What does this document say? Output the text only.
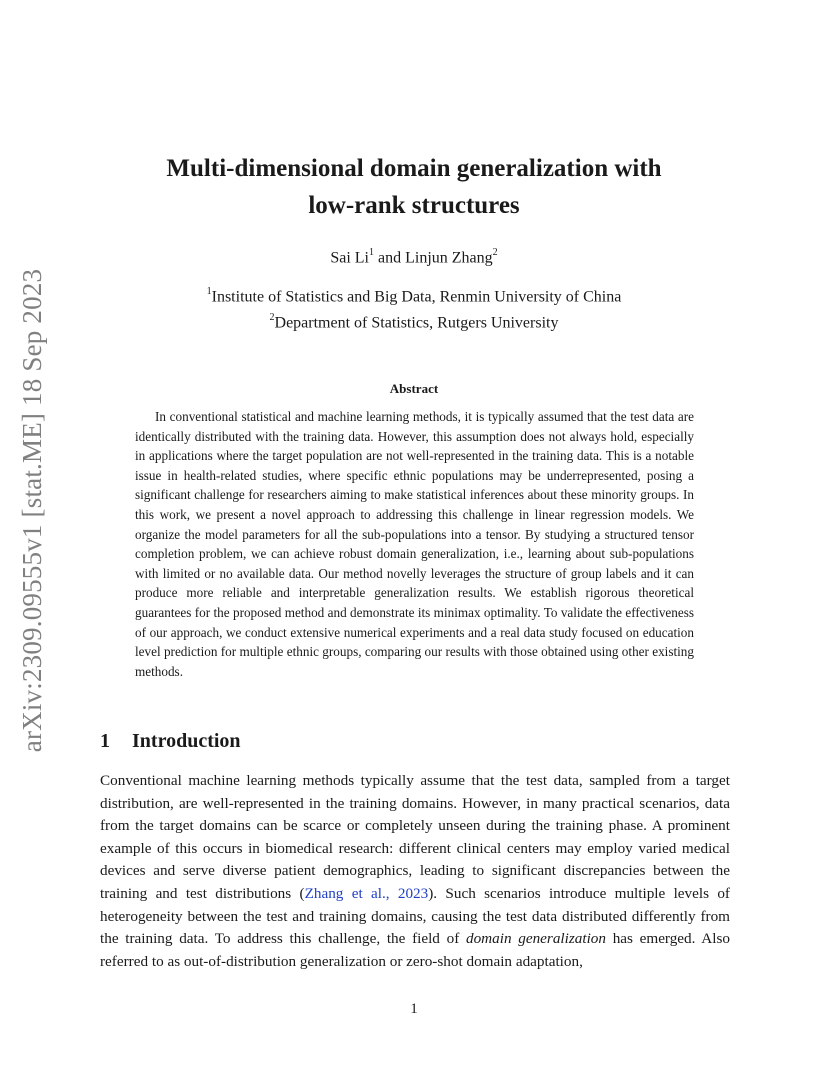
arXiv:2309.09555v1 [stat.ME] 18 Sep 2023
Multi-dimensional domain generalization with
low-rank structures
Sai Li$^1$ and Linjun Zhang$^2$
$^1$Institute of Statistics and Big Data, Renmin University of China
$^2$Department of Statistics, Rutgers University
Abstract

In conventional statistical and machine learning methods, it is typically assumed that the test data are identically distributed with the training data. However, this assumption does not always hold, especially in applications where the target population are not well-represented in the training data. This is a notable issue in health-related studies, where specific ethnic populations may be underrepresented, posing a significant challenge for researchers aiming to make statistical inferences about these minority groups. In this work, we present a novel approach to addressing this challenge in linear regression models. We organize the model parameters for all the sub-populations into a tensor. By studying a structured tensor completion problem, we can achieve robust domain generalization, i.e., learning about sub-populations with limited or no available data. Our method novelly leverages the structure of group labels and it can produce more reliable and interpretable generalization results. We establish rigorous theoretical guarantees for the proposed method and demonstrate its minimax optimality. To validate the effectiveness of our approach, we conduct extensive numerical experiments and a real data study focused on education level prediction for multiple ethnic groups, comparing our results with those obtained using other existing methods.

1 Introduction

Conventional machine learning methods typically assume that the test data, sampled from a target distribution, are well-represented in the training domains. However, in many practical scenarios, data from the target domains can be scarce or completely unseen during the training phase. A prominent example of this occurs in biomedical research: different clinical centers may employ varied medical devices and serve diverse patient demographics, leading to significant discrepancies between the training and test distributions (Zhang et al., 2023). Such scenarios introduce multiple levels of heterogeneity between the test and training domains, causing the test data distributed differently from the training data. To address this challenge, the field of domain generalization has emerged. Also referred to as out-of-distribution generalization or zero-shot domain adaptation,

1
